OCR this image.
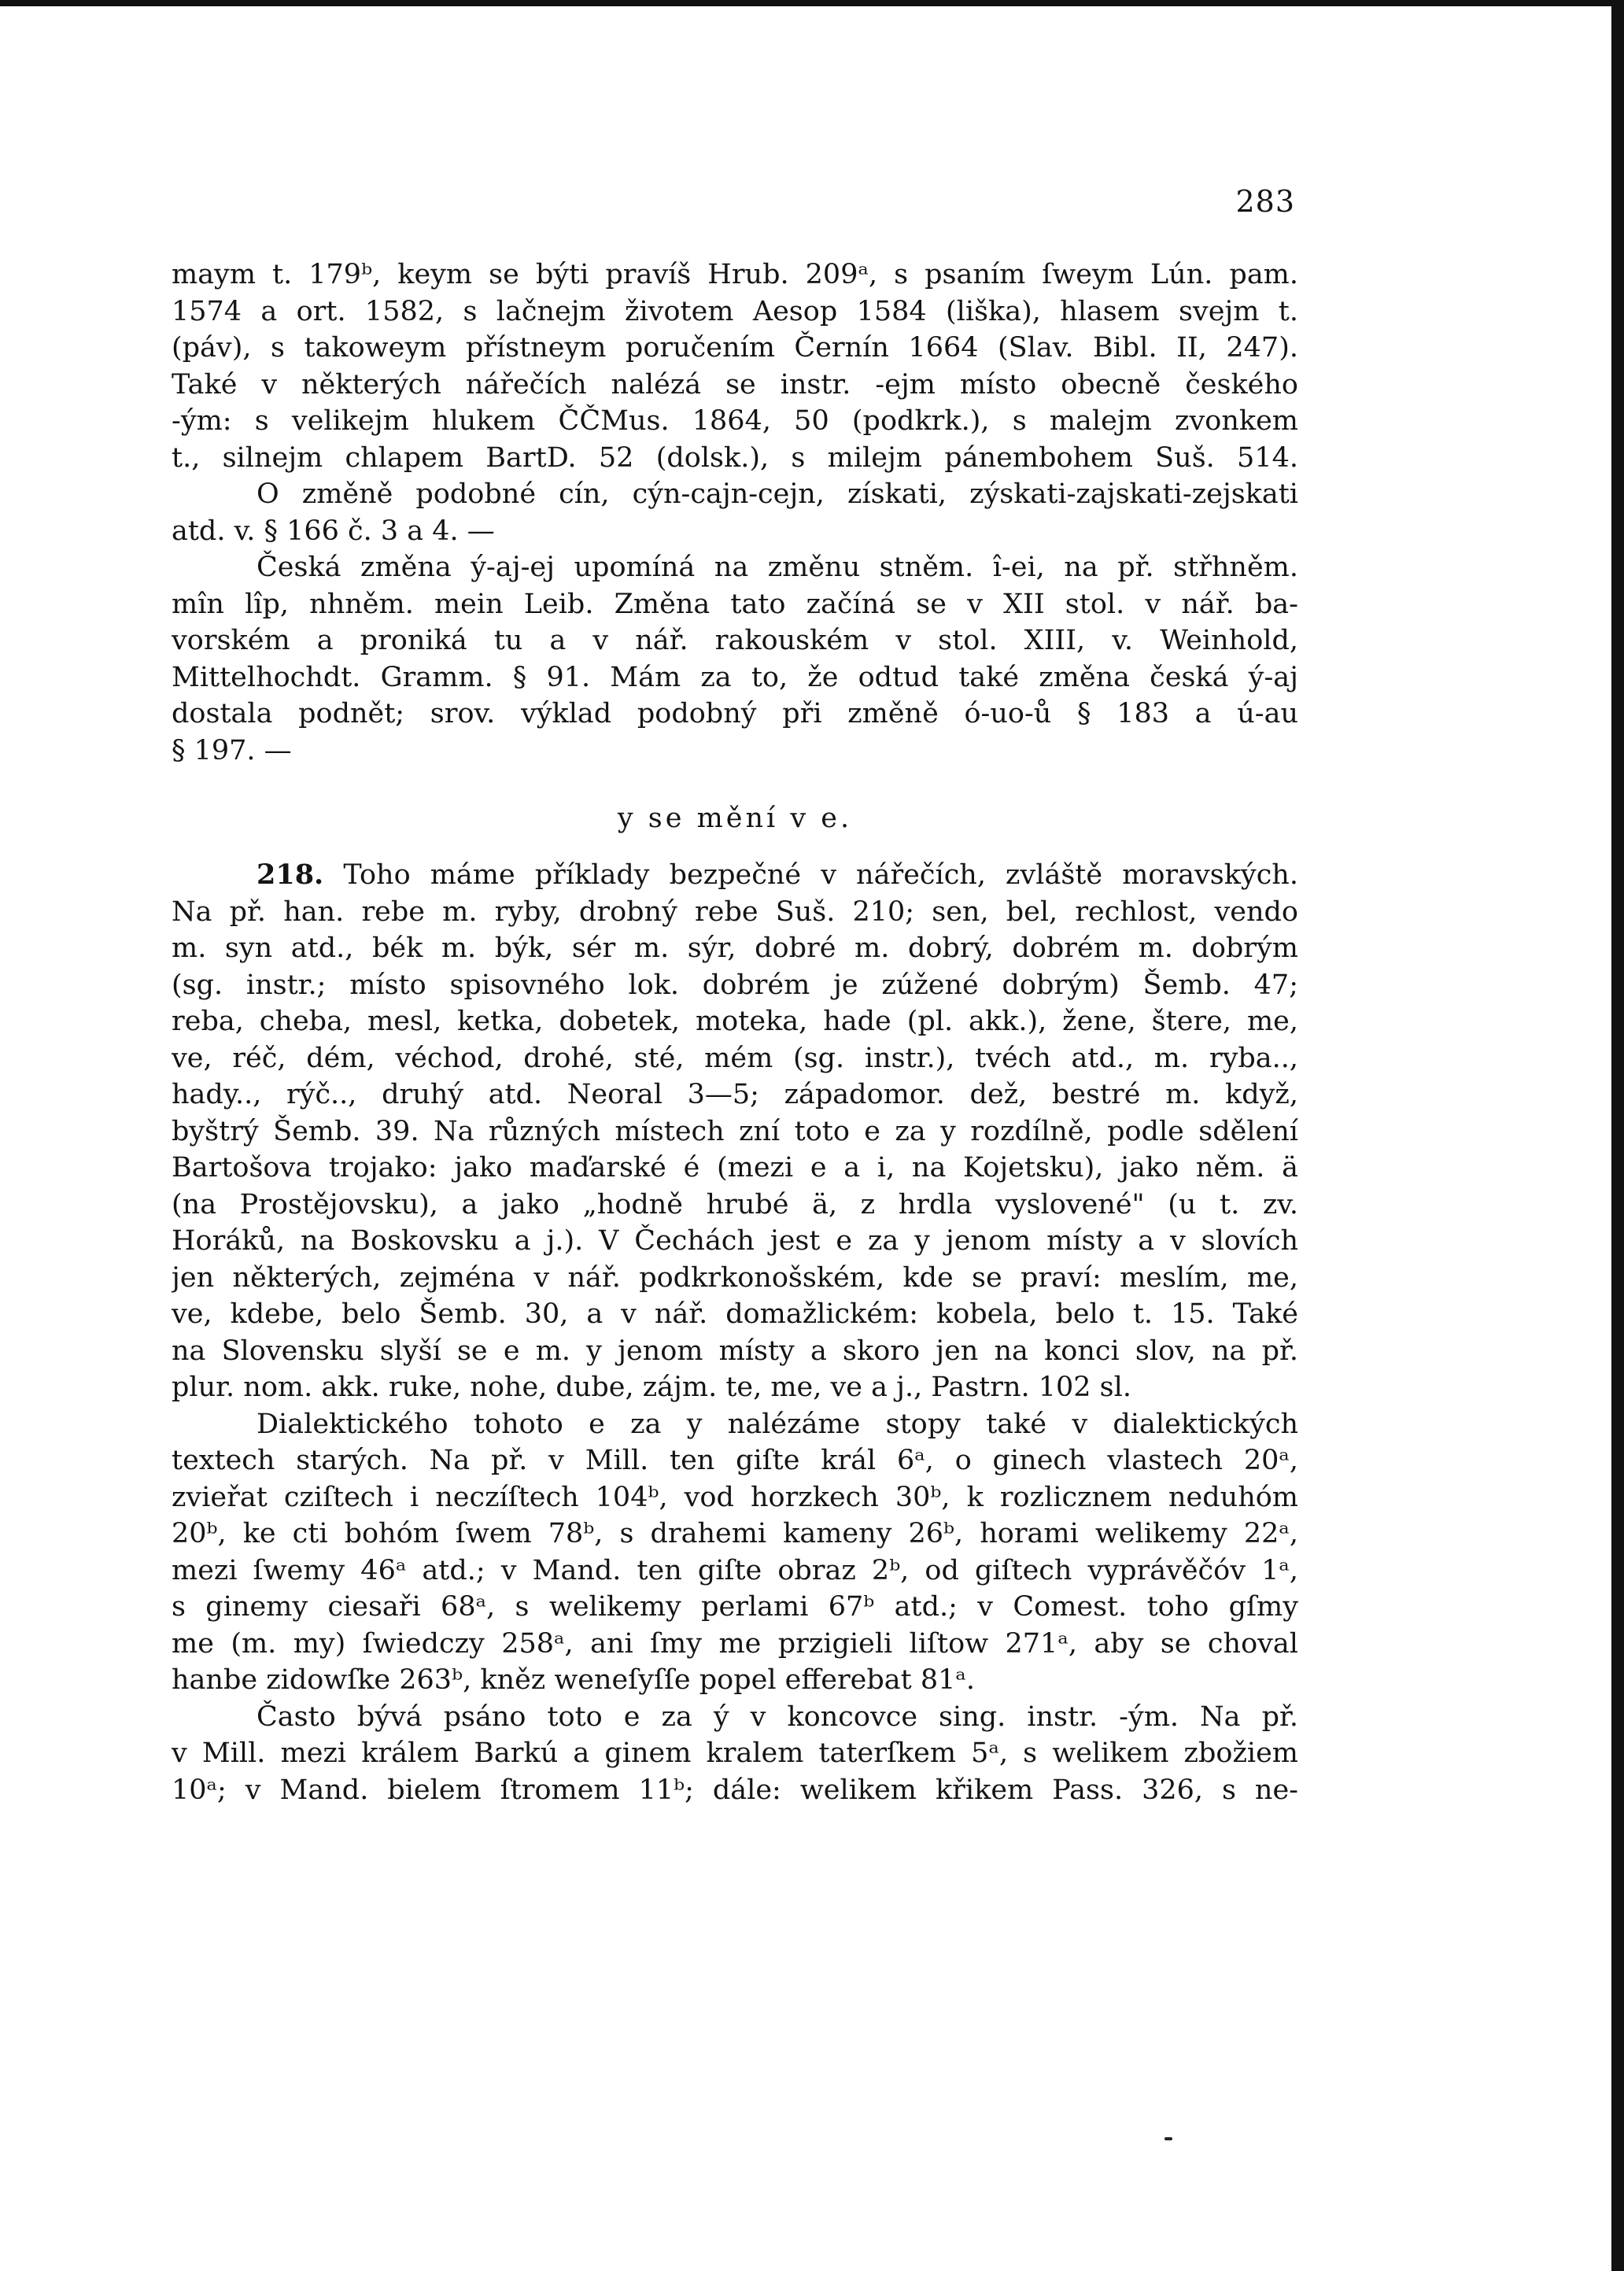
283
maym t. 179ᵇ, keym se býti pravíš Hrub. 209ᵃ, s psaním ſweym Lún. pam.
1574 a ort. 1582, s lačnejm životem Aesop 1584 (liška), hlasem svejm t.
(páv), s takoweym přístneym poručením Černín 1664 (Slav. Bibl. II, 247).
Také v některých nářečích nalézá se instr. -ejm místo obecně českého
-ým: s velikejm hlukem ČČMus. 1864, 50 (podkrk.), s malejm zvonkem
t., silnejm chlapem BartD. 52 (dolsk.), s milejm pánembohem Suš. 514.
O změně podobné cín, cýn-cajn-cejn, získati, zýskati-zajskati-zejskati
atd. v. § 166 č. 3 a 4. —
Česká změna ý-aj-ej upomíná na změnu stněm. î-ei, na př. střhněm.
mîn lîp, nhněm. mein Leib. Změna tato začíná se v XII stol. v nář. ba-
vorském a proniká tu a v nář. rakouském v stol. XIII, v. Weinhold,
Mittelhochdt. Gramm. § 91. Mám za to, že odtud také změna česká ý-aj
dostala podnět; srov. výklad podobný při změně ó-uo-ů § 183 a ú-au
§ 197. —
y se mění v e.
218. Toho máme příklady bezpečné v nářečích, zvláště moravských.
Na př. han. rebe m. ryby, drobný rebe Suš. 210; sen, bel, rechlost, vendo
m. syn atd., bék m. býk, sér m. sýr, dobré m. dobrý, dobrém m. dobrým
(sg. instr.; místo spisovného lok. dobrém je zúžené dobrým) Šemb. 47;
reba, cheba, mesl, ketka, dobetek, moteka, hade (pl. akk.), žene, štere, me,
ve, réč, dém, véchod, drohé, sté, mém (sg. instr.), tvéch atd., m. ryba..,
hady.., rýč.., druhý atd. Neoral 3—5; západomor. dež, bestré m. když,
byštrý Šemb. 39. Na různých místech zní toto e za y rozdílně, podle sdělení
Bartošova trojako: jako maďarské é (mezi e a i, na Kojetsku), jako něm. ä
(na Prostějovsku), a jako „hodně hrubé ä, z hrdla vyslovené" (u t. zv.
Horáků, na Boskovsku a j.). V Čechách jest e za y jenom místy a v slovích
jen některých, zejména v nář. podkrkonošském, kde se praví: meslím, me,
ve, kdebe, belo Šemb. 30, a v nář. domažlickém: kobela, belo t. 15. Také
na Slovensku slyší se e m. y jenom místy a skoro jen na konci slov, na př.
plur. nom. akk. ruke, nohe, dube, zájm. te, me, ve a j., Pastrn. 102 sl.
Dialektického tohoto e za y nalézáme stopy také v dialektických
textech starých. Na př. v Mill. ten giſte král 6ᵃ, o ginech vlastech 20ᵃ,
zvieřat cziſtech i neczíſtech 104ᵇ, vod horzkech 30ᵇ, k rozlicznem neduhóm
20ᵇ, ke cti bohóm ſwem 78ᵇ, s drahemi kameny 26ᵇ, horami welikemy 22ᵃ,
mezi ſwemy 46ᵃ atd.; v Mand. ten giſte obraz 2ᵇ, od giſtech vyprávěčóv 1ᵃ,
s ginemy ciesaři 68ᵃ, s welikemy perlami 67ᵇ atd.; v Comest. toho gſmy
me (m. my) ſwiedczy 258ᵃ, ani ſmy me przigieli liſtow 271ᵃ, aby se choval
hanbe zidowſke 263ᵇ, kněz weneſyſſe popel efferebat 81ᵃ.
Často bývá psáno toto e za ý v koncovce sing. instr. -ým. Na př.
v Mill. mezi králem Barkú a ginem kralem taterſkem 5ᵃ, s welikem zbožiem
10ᵃ; v Mand. bielem ſtromem 11ᵇ; dále: welikem křikem Pass. 326, s ne-
